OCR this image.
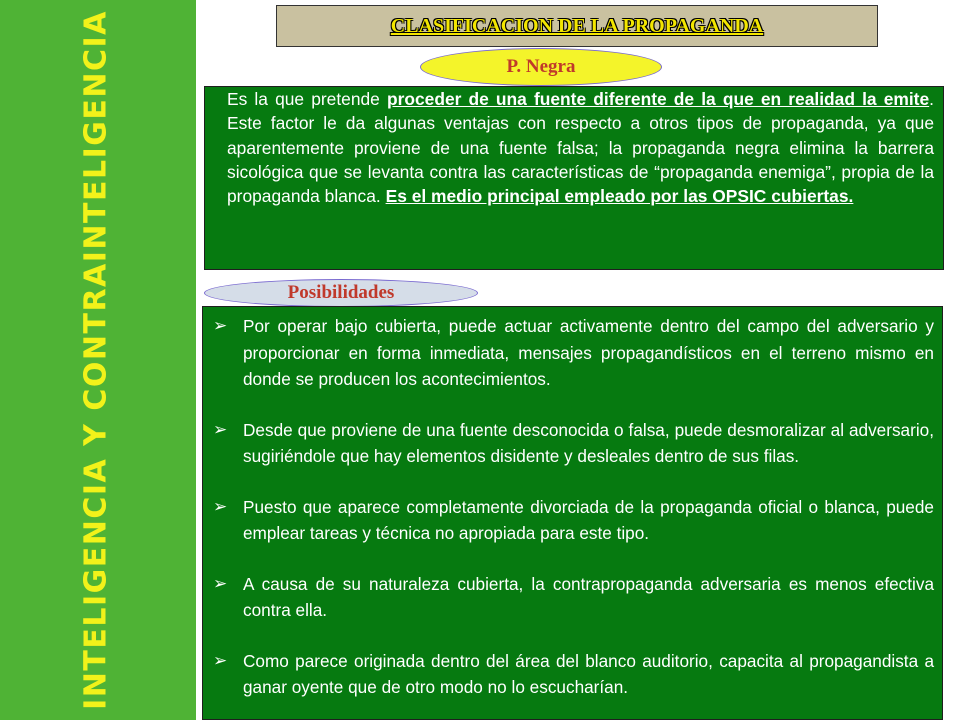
INTELIGENCIA Y CONTRAINTELIGENCIA	CLASIFICACION DE LA PROPAGANDA
P. Negra

Es la que pretende proceder de una fuente diferente de la que en realidad la emite. Este factor le da algunas ventajas con respecto a otros tipos de propaganda, ya que aparentemente proviene de una fuente falsa; la propaganda negra elimina la barrera sicológica que se levanta contra las características de “propaganda enemiga”, propia de la propaganda blanca. Es el medio principal empleado por las OPSIC cubiertas.

Posibilidades
➢ Por operar bajo cubierta, puede actuar activamente dentro del campo del adversario y proporcionar en forma inmediata, mensajes propagandísticos en el terreno mismo en donde se producen los acontecimientos.
➢ Desde que proviene de una fuente desconocida o falsa, puede desmoralizar al adversario, sugiriéndole que hay elementos disidente y desleales dentro de sus filas.
➢ Puesto que aparece completamente divorciada de la propaganda oficial o blanca, puede emplear tareas y técnica no apropiada para este tipo.
➢ A causa de su naturaleza cubierta, la contrapropaganda adversaria es menos efectiva contra ella.
➢ Como parece originada dentro del área del blanco auditorio, capacita al propagandista a ganar oyente que de otro modo no lo escucharían.
